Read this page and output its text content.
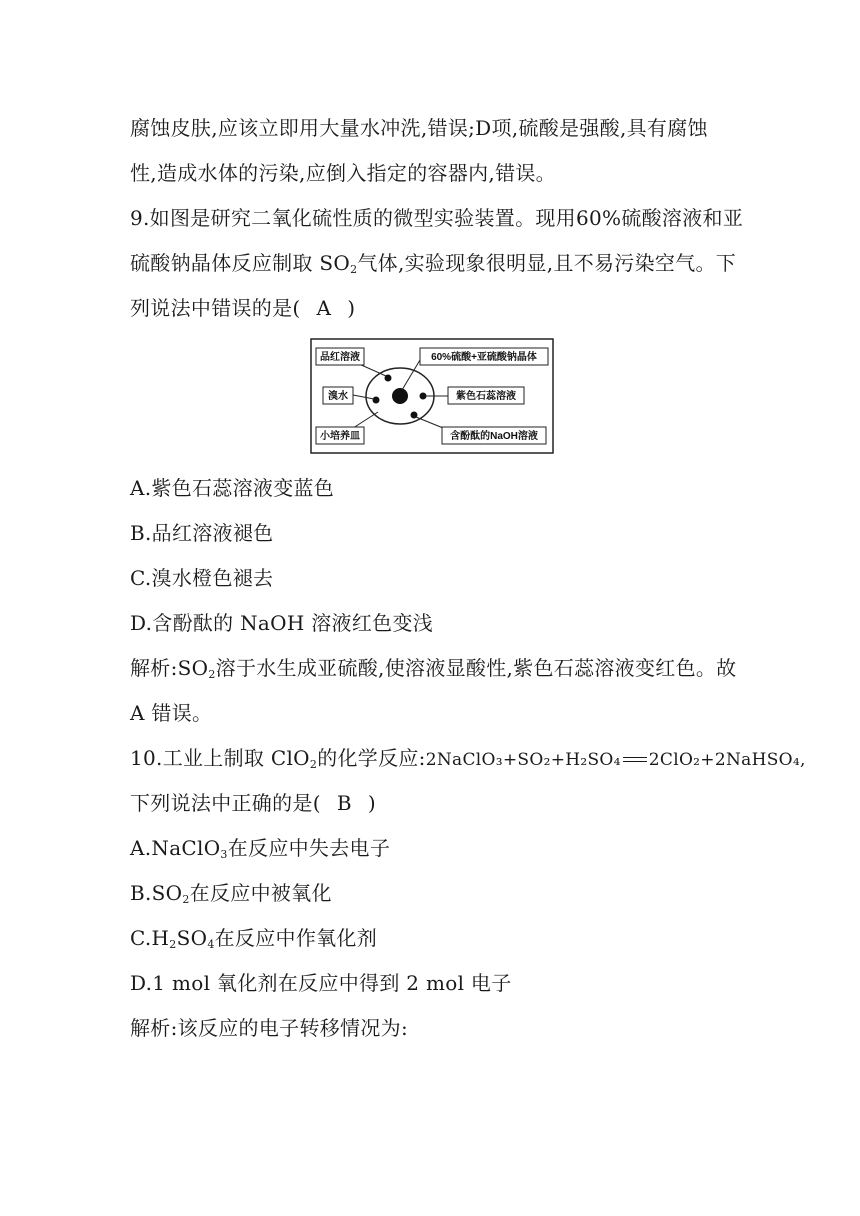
腐蚀皮肤,应该立即用大量水冲洗,错误;D项,硫酸是强酸,具有腐蚀
性,造成水体的污染,应倒入指定的容器内,错误。
9.如图是研究二氧化硫性质的微型实验装置。现用60%硫酸溶液和亚
硫酸钠晶体反应制取 $SO_2$气体,实验现象很明显,且不易污染空气。下
列说法中错误的是( A )
品红溶液	60%硫酸+亚硫酸钠晶体
溴水	紫色石蕊溶液
小培养皿	含酚酞的NaOH溶液
A.紫色石蕊溶液变蓝色
B.品红溶液褪色
C.溴水橙色褪去
D.含酚酞的 NaOH 溶液红色变浅
解析$:SO_2$溶于水生成亚硫酸,使溶液显酸性,紫色石蕊溶液变红色。故
A 错误。
10.工业上制取 ClO$_2$的化学反应:2NaClO₃+SO₂+H₂SO₄ 2ClO₂+2NaHSO₄,
下列说法中正确的是( B )
A.NaClO$_3$在反应中失去电子
$B.SO_2$在反应中被氧化
$C.H_2SO_4$在反应中作氧化剂
D.1 mol 氧化剂在反应中得到 2 mol 电子
解析:该反应的电子转移情况为:
